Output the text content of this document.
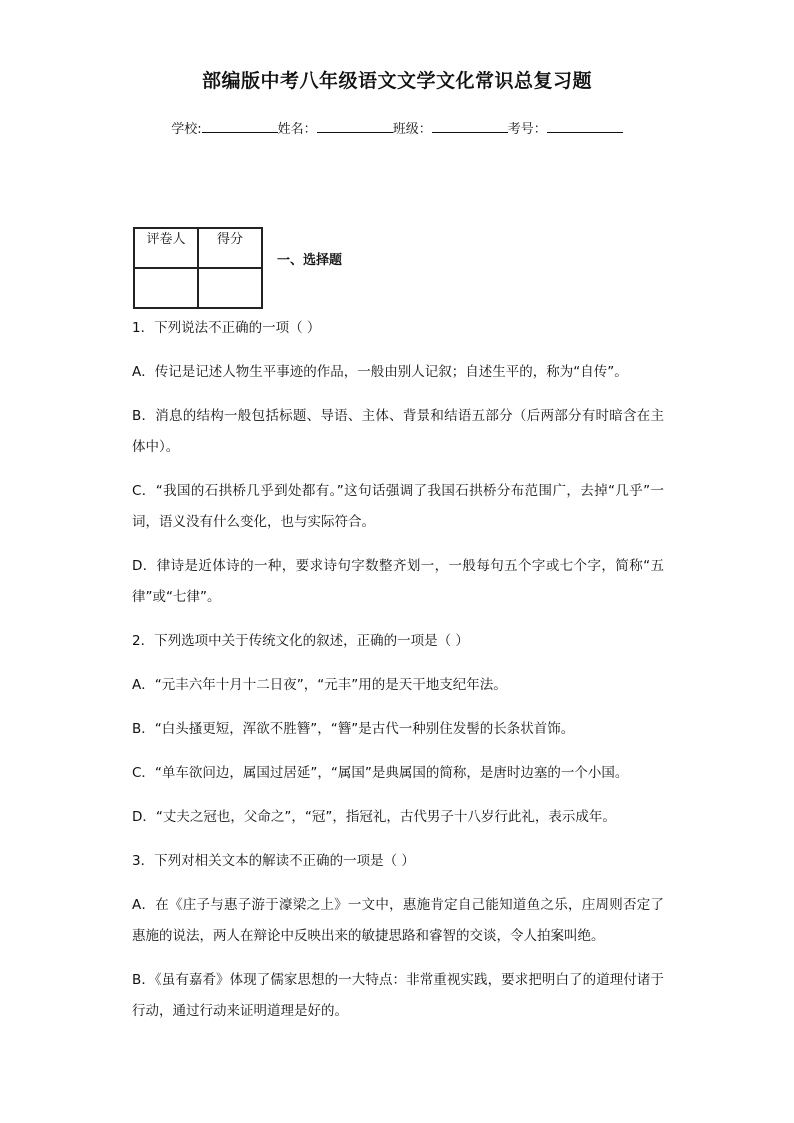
部编版中考八年级语文文学文化常识总复习题
学校:	姓名：	班级：	考号：
评卷人	得分

一、选择题

1．下列说法不正确的一项（ ）

A．传记是记述人物生平事迹的作品，一般由别人记叙；自述生平的，称为“自传”。

B．消息的结构一般包括标题、导语、主体、背景和结语五部分（后两部分有时暗含在主体中）。

C．“我国的石拱桥几乎到处都有。”这句话强调了我国石拱桥分布范围广，去掉“几乎”一词，语义没有什么变化，也与实际符合。

D．律诗是近体诗的一种，要求诗句字数整齐划一，一般每句五个字或七个字，简称“五律”或“七律”。

2．下列选项中关于传统文化的叙述，正确的一项是（ ）

A．“元丰六年十月十二日夜”，“元丰”用的是天干地支纪年法。

B．“白头搔更短，浑欲不胜簪”，“簪”是古代一种别住发髻的长条状首饰。

C．“单车欲问边，属国过居延”，“属国”是典属国的简称，是唐时边塞的一个小国。

D．“丈夫之冠也，父命之”，“冠”，指冠礼，古代男子十八岁行此礼，表示成年。

3．下列对相关文本的解读不正确的一项是（ ）

A．在《庄子与惠子游于濠梁之上》一文中，惠施肯定自己能知道鱼之乐，庄周则否定了惠施的说法，两人在辩论中反映出来的敏捷思路和睿智的交谈，令人拍案叫绝。

B．《虽有嘉肴》体现了儒家思想的一大特点：非常重视实践，要求把明白了的道理付诸于行动，通过行动来证明道理是好的。
